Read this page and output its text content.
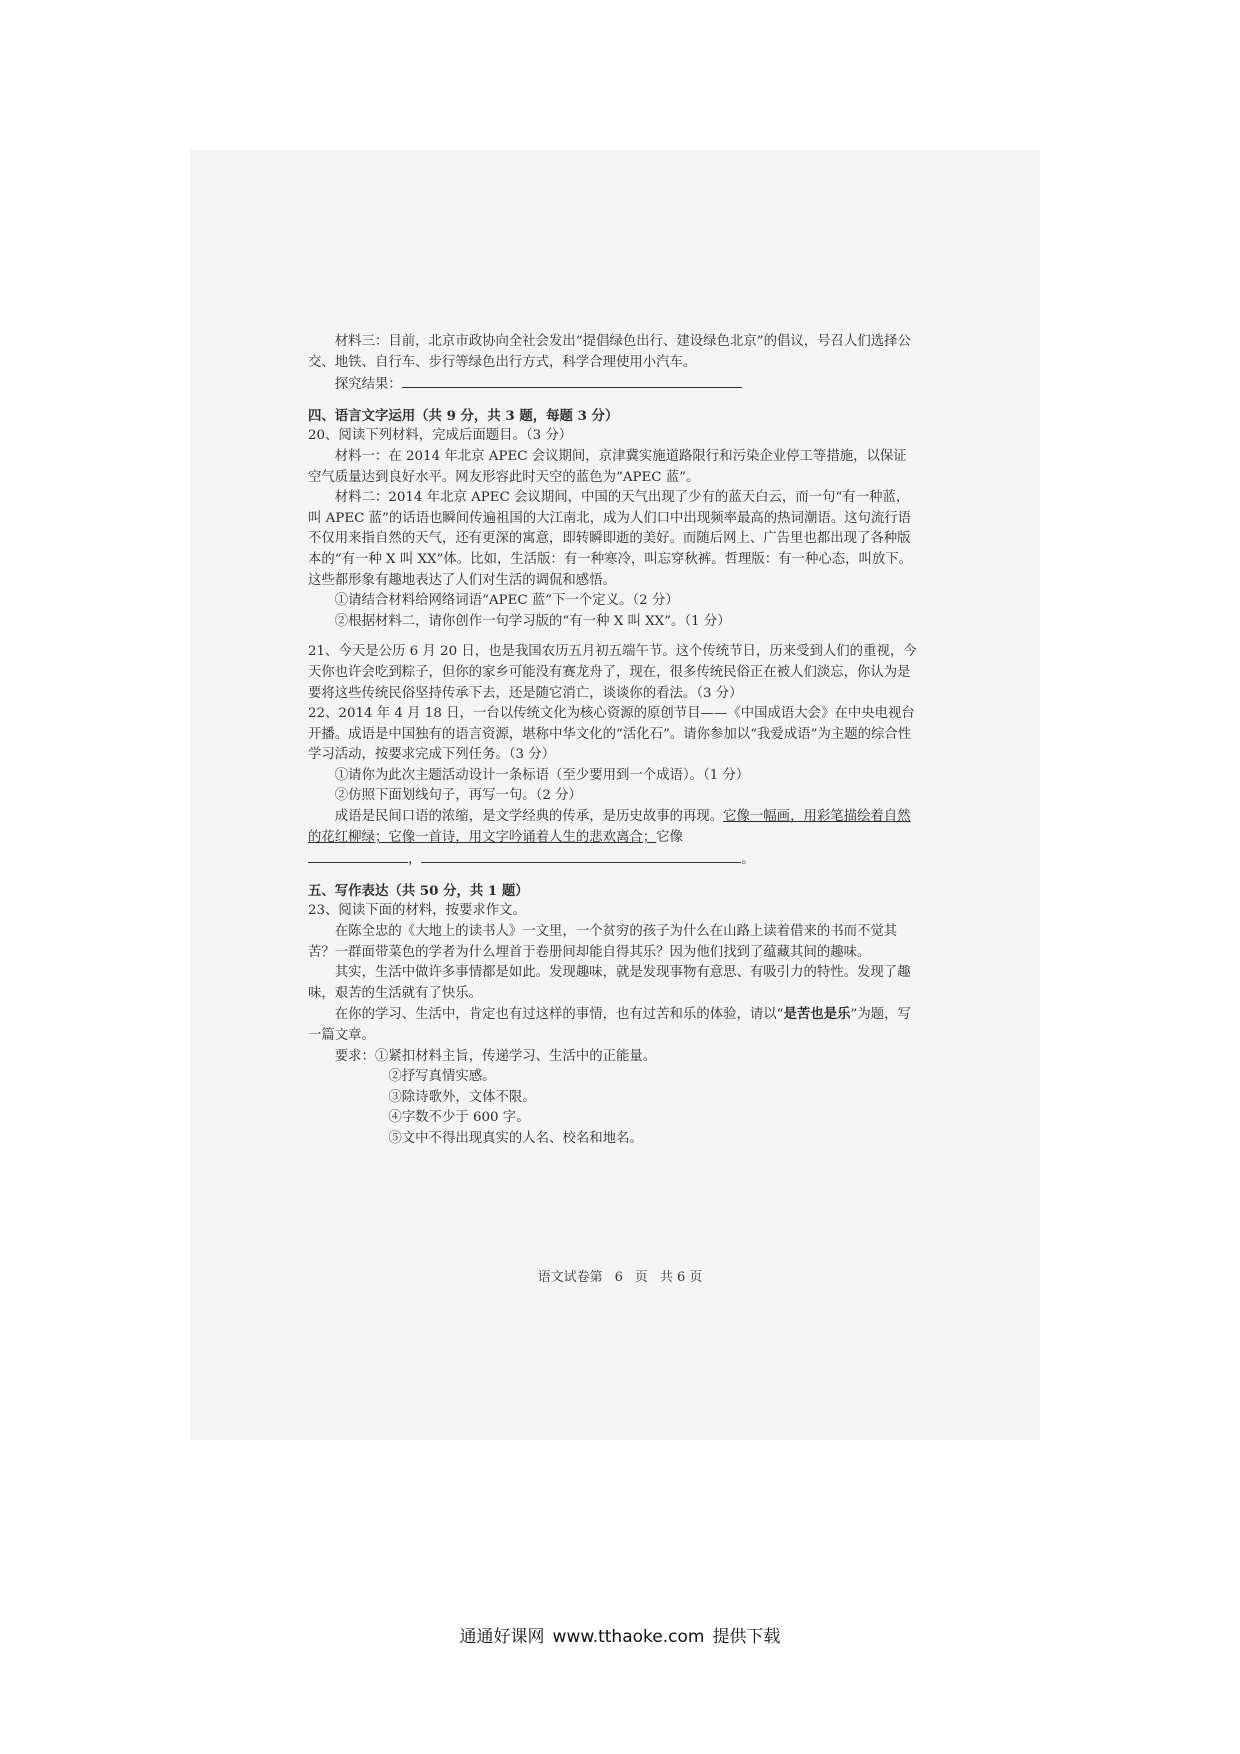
材料三：目前，北京市政协向全社会发出“提倡绿色出行、建设绿色北京”的倡议，号召人们选择公交、地铁、自行车、步行等绿色出行方式，科学合理使用小汽车。

探究结果：

四、语言文字运用（共 9 分，共 3 题，每题 3 分）

20、阅读下列材料，完成后面题目。（3 分）

材料一：在 2014 年北京 APEC 会议期间，京津冀实施道路限行和污染企业停工等措施，以保证空气质量达到良好水平。网友形容此时天空的蓝色为“APEC 蓝”。

材料二：2014 年北京 APEC 会议期间，中国的天气出现了少有的蓝天白云，而一句“有一种蓝，叫 APEC 蓝”的话语也瞬间传遍祖国的大江南北，成为人们口中出现频率最高的热词潮语。这句流行语不仅用来指自然的天气，还有更深的寓意，即转瞬即逝的美好。而随后网上、广告里也都出现了各种版本的“有一种 X 叫 XX”体。比如，生活版：有一种寒冷，叫忘穿秋裤。哲理版：有一种心态，叫放下。这些都形象有趣地表达了人们对生活的调侃和感悟。

①请结合材料给网络词语“APEC 蓝”下一个定义。（2 分）

②根据材料二，请你创作一句学习版的“有一种 X 叫 XX”。（1 分）

21、今天是公历 6 月 20 日，也是我国农历五月初五端午节。这个传统节日，历来受到人们的重视，今天你也许会吃到粽子，但你的家乡可能没有赛龙舟了，现在，很多传统民俗正在被人们淡忘，你认为是要将这些传统民俗坚持传承下去，还是随它消亡，谈谈你的看法。（3 分）

22、2014 年 4 月 18 日，一台以传统文化为核心资源的原创节目——《中国成语大会》在中央电视台开播。成语是中国独有的语言资源，堪称中华文化的“活化石”。请你参加以“我爱成语”为主题的综合性学习活动，按要求完成下列任务。（3 分）

①请你为此次主题活动设计一条标语（至少要用到一个成语）。（1 分）

②仿照下面划线句子，再写一句。（2 分）

成语是民间口语的浓缩，是文学经典的传承，是历史故事的再现。它像一幅画，用彩笔描绘着自然的花红柳绿；它像一首诗，用文字吟诵着人生的悲欢离合；它像

，	。

五、写作表达（共 50 分，共 1 题）

23、阅读下面的材料，按要求作文。

在陈全忠的《大地上的读书人》一文里，一个贫穷的孩子为什么在山路上读着借来的书而不觉其苦？一群面带菜色的学者为什么埋首于卷册间却能自得其乐？因为他们找到了蕴藏其间的趣味。

其实，生活中做许多事情都是如此。发现趣味，就是发现事物有意思、有吸引力的特性。发现了趣味，艰苦的生活就有了快乐。

在你的学习、生活中，肯定也有过这样的事情，也有过苦和乐的体验，请以“是苦也是乐”为题，写一篇文章。

要求：①紧扣材料主旨，传递学习、生活中的正能量。

②抒写真情实感。

③除诗歌外，文体不限。

④字数不少于 600 字。

⑤文中不得出现真实的人名、校名和地名。

语文试卷第 6 页 共 6 页
通通好课网 www.tthaoke.com 提供下载
